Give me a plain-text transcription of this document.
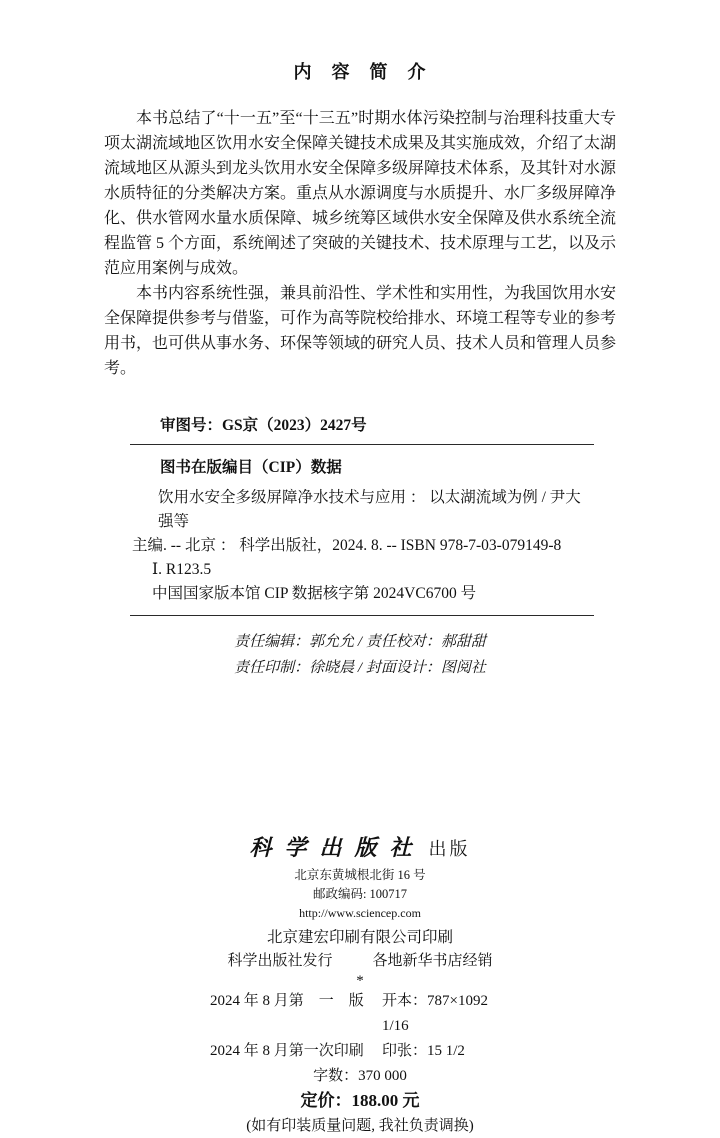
内　容　简　介

本书总结了“十一五”至“十三五”时期水体污染控制与治理科技重大专项太湖流域地区饮用水安全保障关键技术成果及其实施成效，介绍了太湖流域地区从源头到龙头饮用水安全保障多级屏障技术体系，及其针对水源水质特征的分类解决方案。重点从水源调度与水质提升、水厂多级屏障净化、供水管网水量水质保障、城乡统筹区域供水安全保障及供水系统全流程监管 5 个方面，系统阐述了突破的关键技术、技术原理与工艺，以及示范应用案例与成效。

本书内容系统性强，兼具前沿性、学术性和实用性，为我国饮用水安全保障提供参考与借鉴，可作为高等院校给排水、环境工程等专业的参考用书，也可供从事水务、环保等领域的研究人员、技术人员和管理人员参考。

审图号：GS京（2023）2427号
图书在版编目（CIP）数据
饮用水安全多级屏障净水技术与应用 ： 以太湖流域为例 / 尹大强等
主编. -- 北京 ： 科学出版社，2024. 8. -- ISBN 978-7-03-079149-8
Ⅰ. R123.5
中国国家版本馆 CIP 数据核字第 2024VC6700 号
责任编辑：郭允允 / 责任校对：郝甜甜
责任印制：徐晓晨 / 封面设计：图阅社
科学出版社 出版
北京东黄城根北街 16 号
邮政编码: 100717
http://www.sciencep.com
北京建宏印刷有限公司印刷
科学出版社发行	各地新华书店经销
*
2024 年 8 月第　一　版	开本：787×1092 1/16
2024 年 8 月第一次印刷	印张：15 1/2
字数：370 000
定价：188.00 元
(如有印装质量问题, 我社负责调换)
